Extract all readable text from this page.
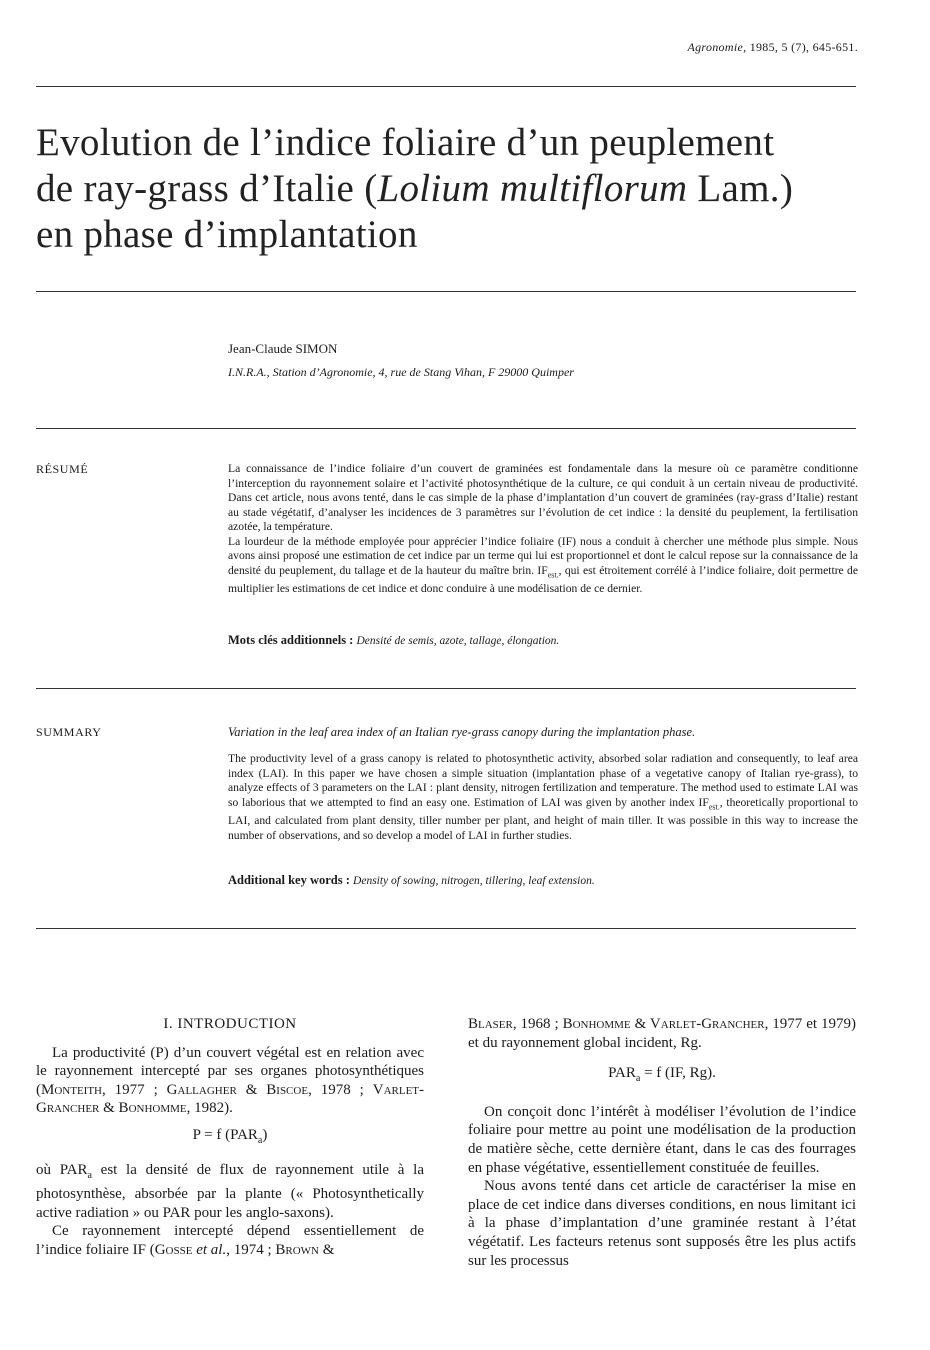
Agronomie, 1985, 5 (7), 645-651.
Evolution de l’indice foliaire d’un peuplement
de ray-grass d’Italie (Lolium multiflorum Lam.)
en phase d’implantation
Jean-Claude SIMON
I.N.R.A., Station d’Agronomie, 4, rue de Stang Vihan, F 29000 Quimper
RÉSUMÉ	La connaissance de l’indice foliaire d’un couvert de graminées est fondamentale dans la mesure où ce paramètre conditionne l’interception du rayonnement solaire et l’activité photosynthétique de la culture, ce qui conduit à un certain niveau de productivité. Dans cet article, nous avons tenté, dans le cas simple de la phase d’implantation d’un couvert de graminées (ray-grass d’Italie) restant au stade végétatif, d’analyser les incidences de 3 paramètres sur l’évolution de cet indice : la densité du peuplement, la fertilisation azotée, la température.

La lourdeur de la méthode employée pour apprécier l’indice foliaire (IF) nous a conduit à chercher une méthode plus simple. Nous avons ainsi proposé une estimation de cet indice par un terme qui lui est proportionnel et dont le calcul repose sur la connaissance de la densité du peuplement, du tallage et de la hauteur du maître brin. $IF_{est.}$, qui est étroitement corrélé à l’indice foliaire, doit permettre de multiplier les estimations de cet indice et donc conduire à une modélisation de ce dernier.

Mots clés additionnels : Densité de semis, azote, tallage, élongation.
SUMMARY	Variation in the leaf area index of an Italian rye-grass canopy during the implantation phase.

The productivity level of a grass canopy is related to photosynthetic activity, absorbed solar radiation and consequently, to leaf area index (LAI). In this paper we have chosen a simple situation (implantation phase of a vegetative canopy of Italian rye-grass), to analyze effects of 3 parameters on the LAI : plant density, nitrogen fertilization and temperature. The method used to estimate LAI was so laborious that we attempted to find an easy one. Estimation of LAI was given by another index $IF_{est.}$, theoretically proportional to LAI, and calculated from plant density, tiller number per plant, and height of main tiller. It was possible in this way to increase the number of observations, and so develop a model of LAI in further studies.

Additional key words : Density of sowing, nitrogen, tillering, leaf extension.
I. INTRODUCTION

La productivité (P) d’un couvert végétal est en relation avec le rayonnement intercepté par ses organes photosynthétiques (Monteith, 1977 ; Gallagher & Biscoe, 1978 ; Varlet-Grancher & Bonhomme, 1982).

P = f $(PAR_a)$

où $PAR_a$ est la densité de flux de rayonnement utile à la photosynthèse, absorbée par la plante (« Photosynthetically active radiation » ou PAR pour les anglo-saxons).

Ce rayonnement intercepté dépend essentiellement de l’indice foliaire IF (Gosse et al., 1974 ; Brown &

Blaser, 1968 ; Bonhomme & Varlet-Grancher, 1977 et 1979) et du rayonnement global incident, Rg.

$PAR_a = f$ (IF, Rg).

On conçoit donc l’intérêt à modéliser l’évolution de l’indice foliaire pour mettre au point une modélisation de la production de matière sèche, cette dernière étant, dans le cas des fourrages en phase végétative, essentiellement constituée de feuilles.

Nous avons tenté dans cet article de caractériser la mise en place de cet indice dans diverses conditions, en nous limitant ici à la phase d’implantation d’une graminée restant à l’état végétatif. Les facteurs retenus sont supposés être les plus actifs sur les processus
